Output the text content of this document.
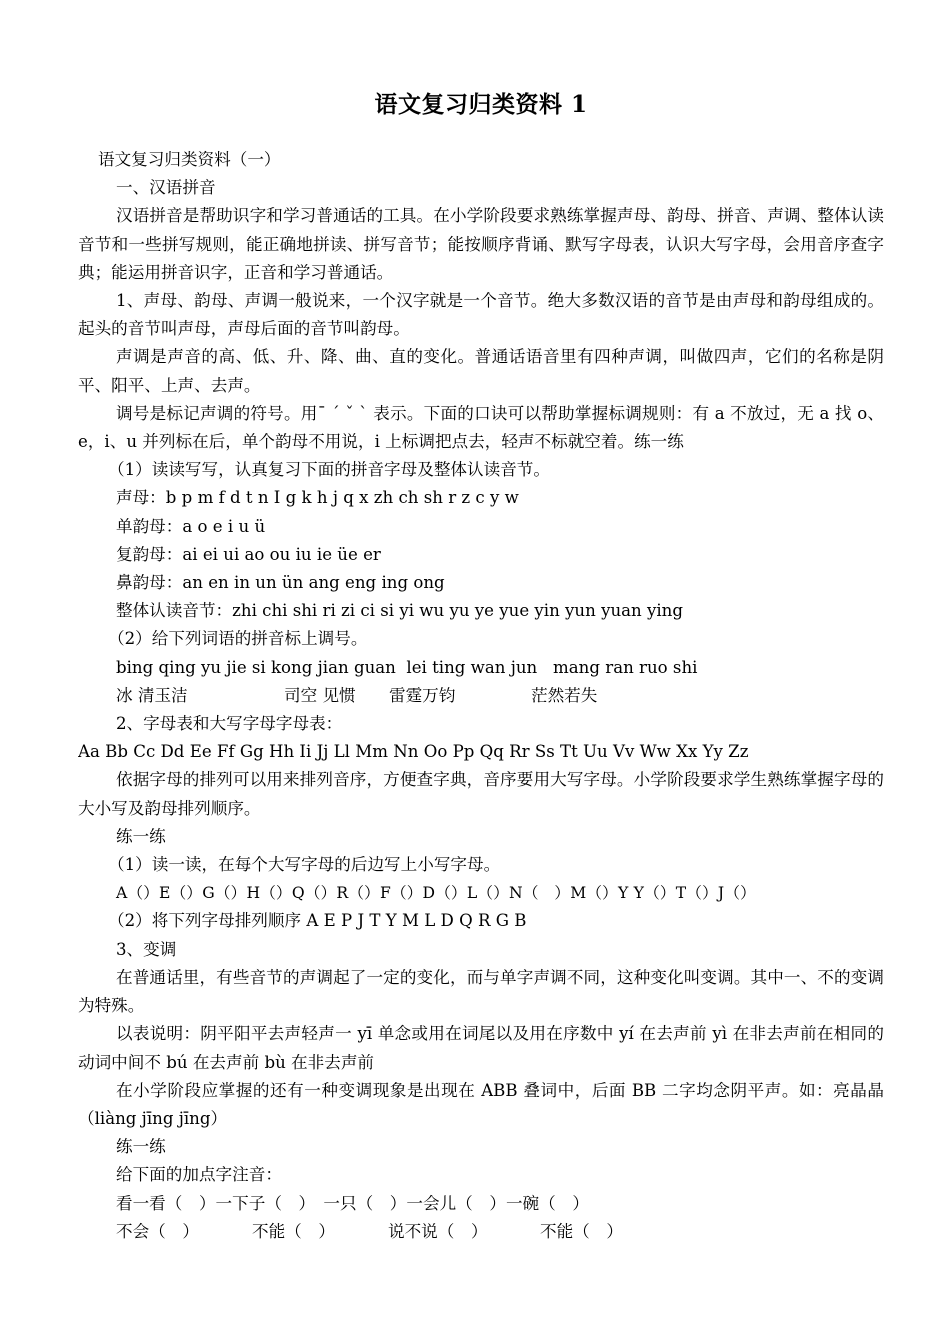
语文复习归类资料 1

语文复习归类资料（一）

一、汉语拼音

汉语拼音是帮助识字和学习普通话的工具。在小学阶段要求熟练掌握声母、韵母、拼音、声调、整体认读音节和一些拼写规则，能正确地拼读、拼写音节；能按顺序背诵、默写字母表，认识大写字母，会用音序查字典；能运用拼音识字，正音和学习普通话。

1、声母、韵母、声调一般说来，一个汉字就是一个音节。绝大多数汉语的音节是由声母和韵母组成的。起头的音节叫声母，声母后面的音节叫韵母。

声调是声音的高、低、升、降、曲、直的变化。普通话语音里有四种声调，叫做四声，它们的名称是阴平、阳平、上声、去声。

调号是标记声调的符号。用ˉ ˊ ˇ ˋ 表示。下面的口诀可以帮助掌握标调规则：有 a 不放过，无 a 找 o、e，i、u 并列标在后，单个韵母不用说，i 上标调把点去，轻声不标就空着。练一练

（1）读读写写，认真复习下面的拼音字母及整体认读音节。

声母：b p m f d t n I g k h j q x zh ch sh r z c y w

单韵母：a o e i u ü

复韵母：ai ei ui ao ou iu ie üe er

鼻韵母：an en in un ün ang eng ing ong

整体认读音节：zhi chi shi ri zi ci si yi wu yu ye yue yin yun yuan ying

（2）给下列词语的拼音标上调号。

bing qing yu jie si kong jian guan  lei ting wan jun   mang ran ruo shi

冰 清玉洁	司空 见惯 雷霆万钧	茫然若失

2、字母表和大写字母字母表：

Aa Bb Cc Dd Ee Ff Gg Hh Ii Jj Ll Mm Nn Oo Pp Qq Rr Ss Tt Uu Vv Ww Xx Yy Zz

依据字母的排列可以用来排列音序，方便查字典，音序要用大写字母。小学阶段要求学生熟练掌握字母的大小写及韵母排列顺序。

练一练

（1）读一读，在每个大写字母的后边写上小写字母。

A（）E（）G（）H（）Q（）R（）F（）D（）L（）N（　）M（）Y Y（）T（）J（）

（2）将下列字母排列顺序 A E P J T Y M L D Q R G B

3、变调

在普通话里，有些音节的声调起了一定的变化，而与单字声调不同，这种变化叫变调。其中一、不的变调为特殊。

以表说明：阴平阳平去声轻声一 yī 单念或用在词尾以及用在序数中 yí 在去声前 yì 在非去声前在相同的动词中间不 bú 在去声前 bù 在非去声前

在小学阶段应掌握的还有一种变调现象是出现在 ABB 叠词中，后面 BB 二字均念阴平声。如：亮晶晶（liàng jīng jīng）

练一练

给下面的加点字注音：

看一看（　）一下子（　）　一只（　）一会儿（　）一碗（　）

不会（　）	不能（　）	说不说（　）	不能（　）
